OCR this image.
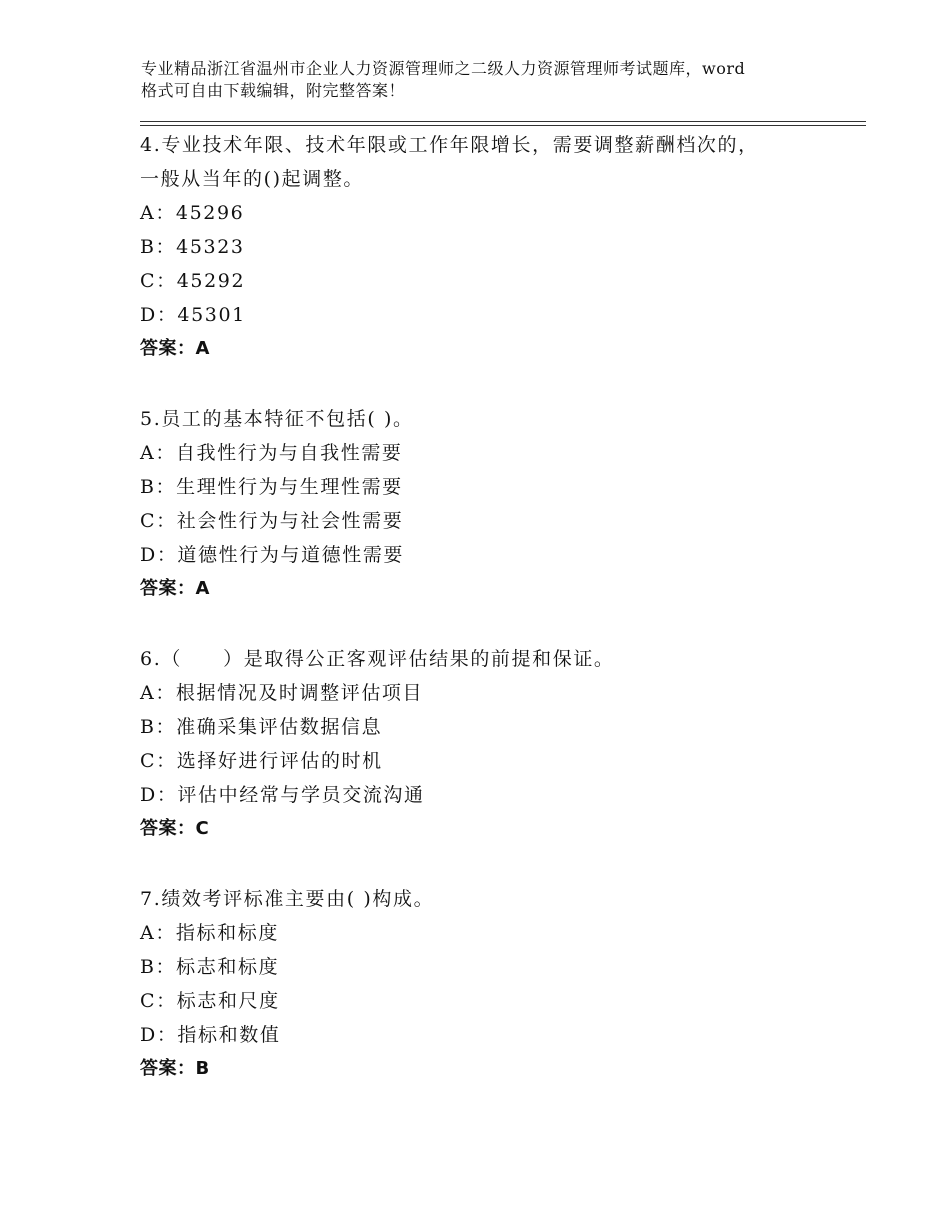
专业精品浙江省温州市企业人力资源管理师之二级人力资源管理师考试题库，word
格式可自由下载编辑，附完整答案！

4.专业技术年限、技术年限或工作年限增长，需要调整薪酬档次的，

一般从当年的()起调整。

A：45296

B：45323

C：45292

D：45301

答案：A

5.员工的基本特征不包括( )。

A：自我性行为与自我性需要

B：生理性行为与生理性需要

C：社会性行为与社会性需要

D：道德性行为与道德性需要

答案：A

6.（　　）是取得公正客观评估结果的前提和保证。

A：根据情况及时调整评估项目

B：准确采集评估数据信息

C：选择好进行评估的时机

D：评估中经常与学员交流沟通

答案：C

7.绩效考评标准主要由( )构成。

A：指标和标度

B：标志和标度

C：标志和尺度

D：指标和数值

答案：B
